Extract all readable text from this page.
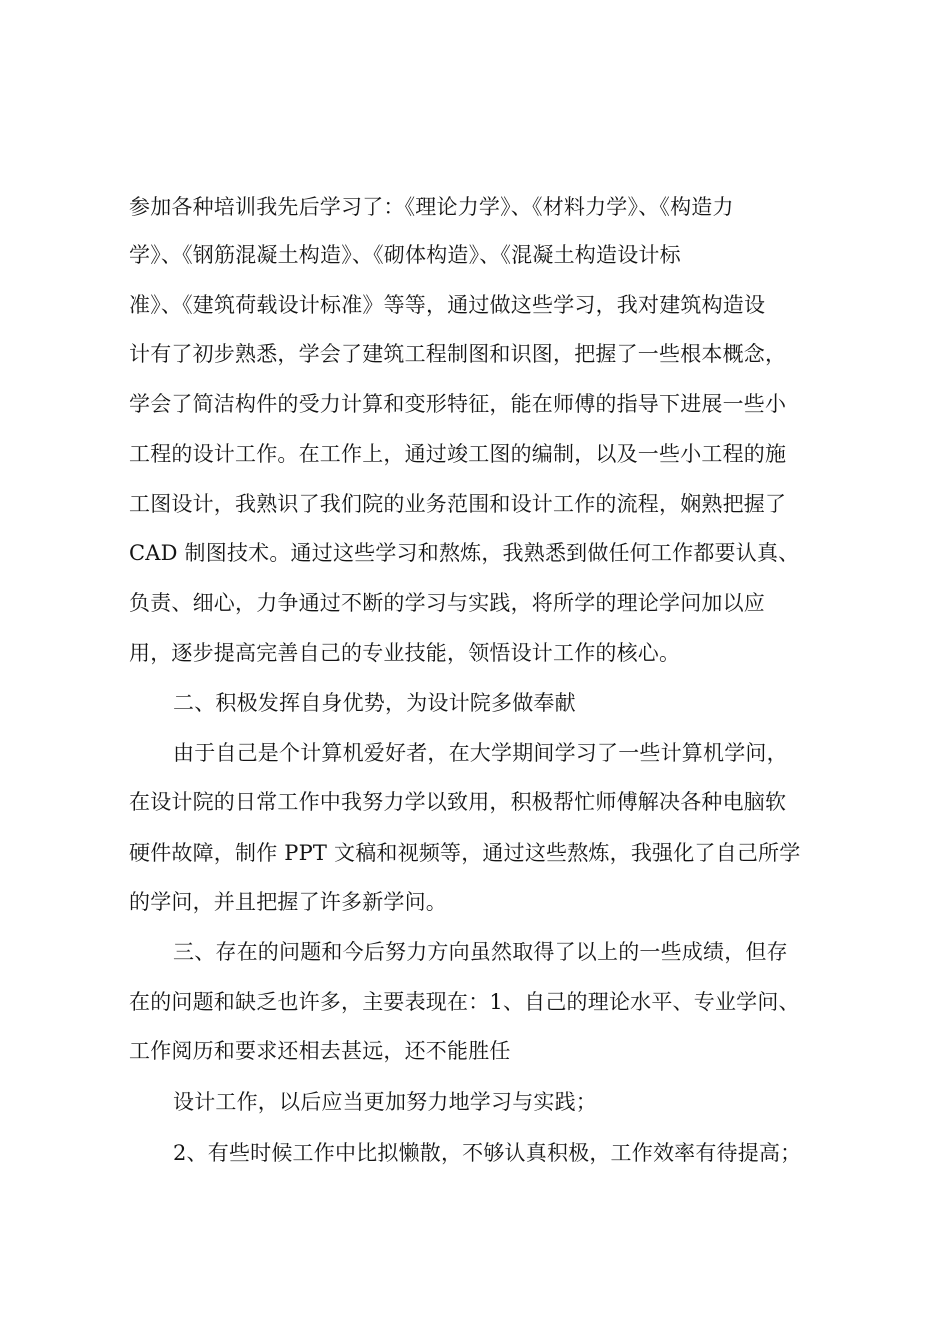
参加各种培训我先后学习了：《理论力学》、《材料力学》、《构造力
学》、《钢筋混凝土构造》、《砌体构造》、《混凝土构造设计标
准》、《建筑荷载设计标准》等等，通过做这些学习，我对建筑构造设
计有了初步熟悉，学会了建筑工程制图和识图，把握了一些根本概念，
学会了简洁构件的受力计算和变形特征，能在师傅的指导下进展一些小
工程的设计工作。在工作上，通过竣工图的编制，以及一些小工程的施
工图设计，我熟识了我们院的业务范围和设计工作的流程，娴熟把握了
CAD 制图技术。通过这些学习和熬炼，我熟悉到做任何工作都要认真、
负责、细心，力争通过不断的学习与实践，将所学的理论学问加以应
用，逐步提高完善自己的专业技能，领悟设计工作的核心。
二、积极发挥自身优势，为设计院多做奉献
由于自己是个计算机爱好者，在大学期间学习了一些计算机学问，
在设计院的日常工作中我努力学以致用，积极帮忙师傅解决各种电脑软
硬件故障，制作 PPT 文稿和视频等，通过这些熬炼，我强化了自己所学
的学问，并且把握了许多新学问。
三、存在的问题和今后努力方向虽然取得了以上的一些成绩，但存
在的问题和缺乏也许多，主要表现在：1、自己的理论水平、专业学问、
工作阅历和要求还相去甚远，还不能胜任
设计工作，以后应当更加努力地学习与实践；
2、有些时候工作中比拟懒散，不够认真积极，工作效率有待提高；
